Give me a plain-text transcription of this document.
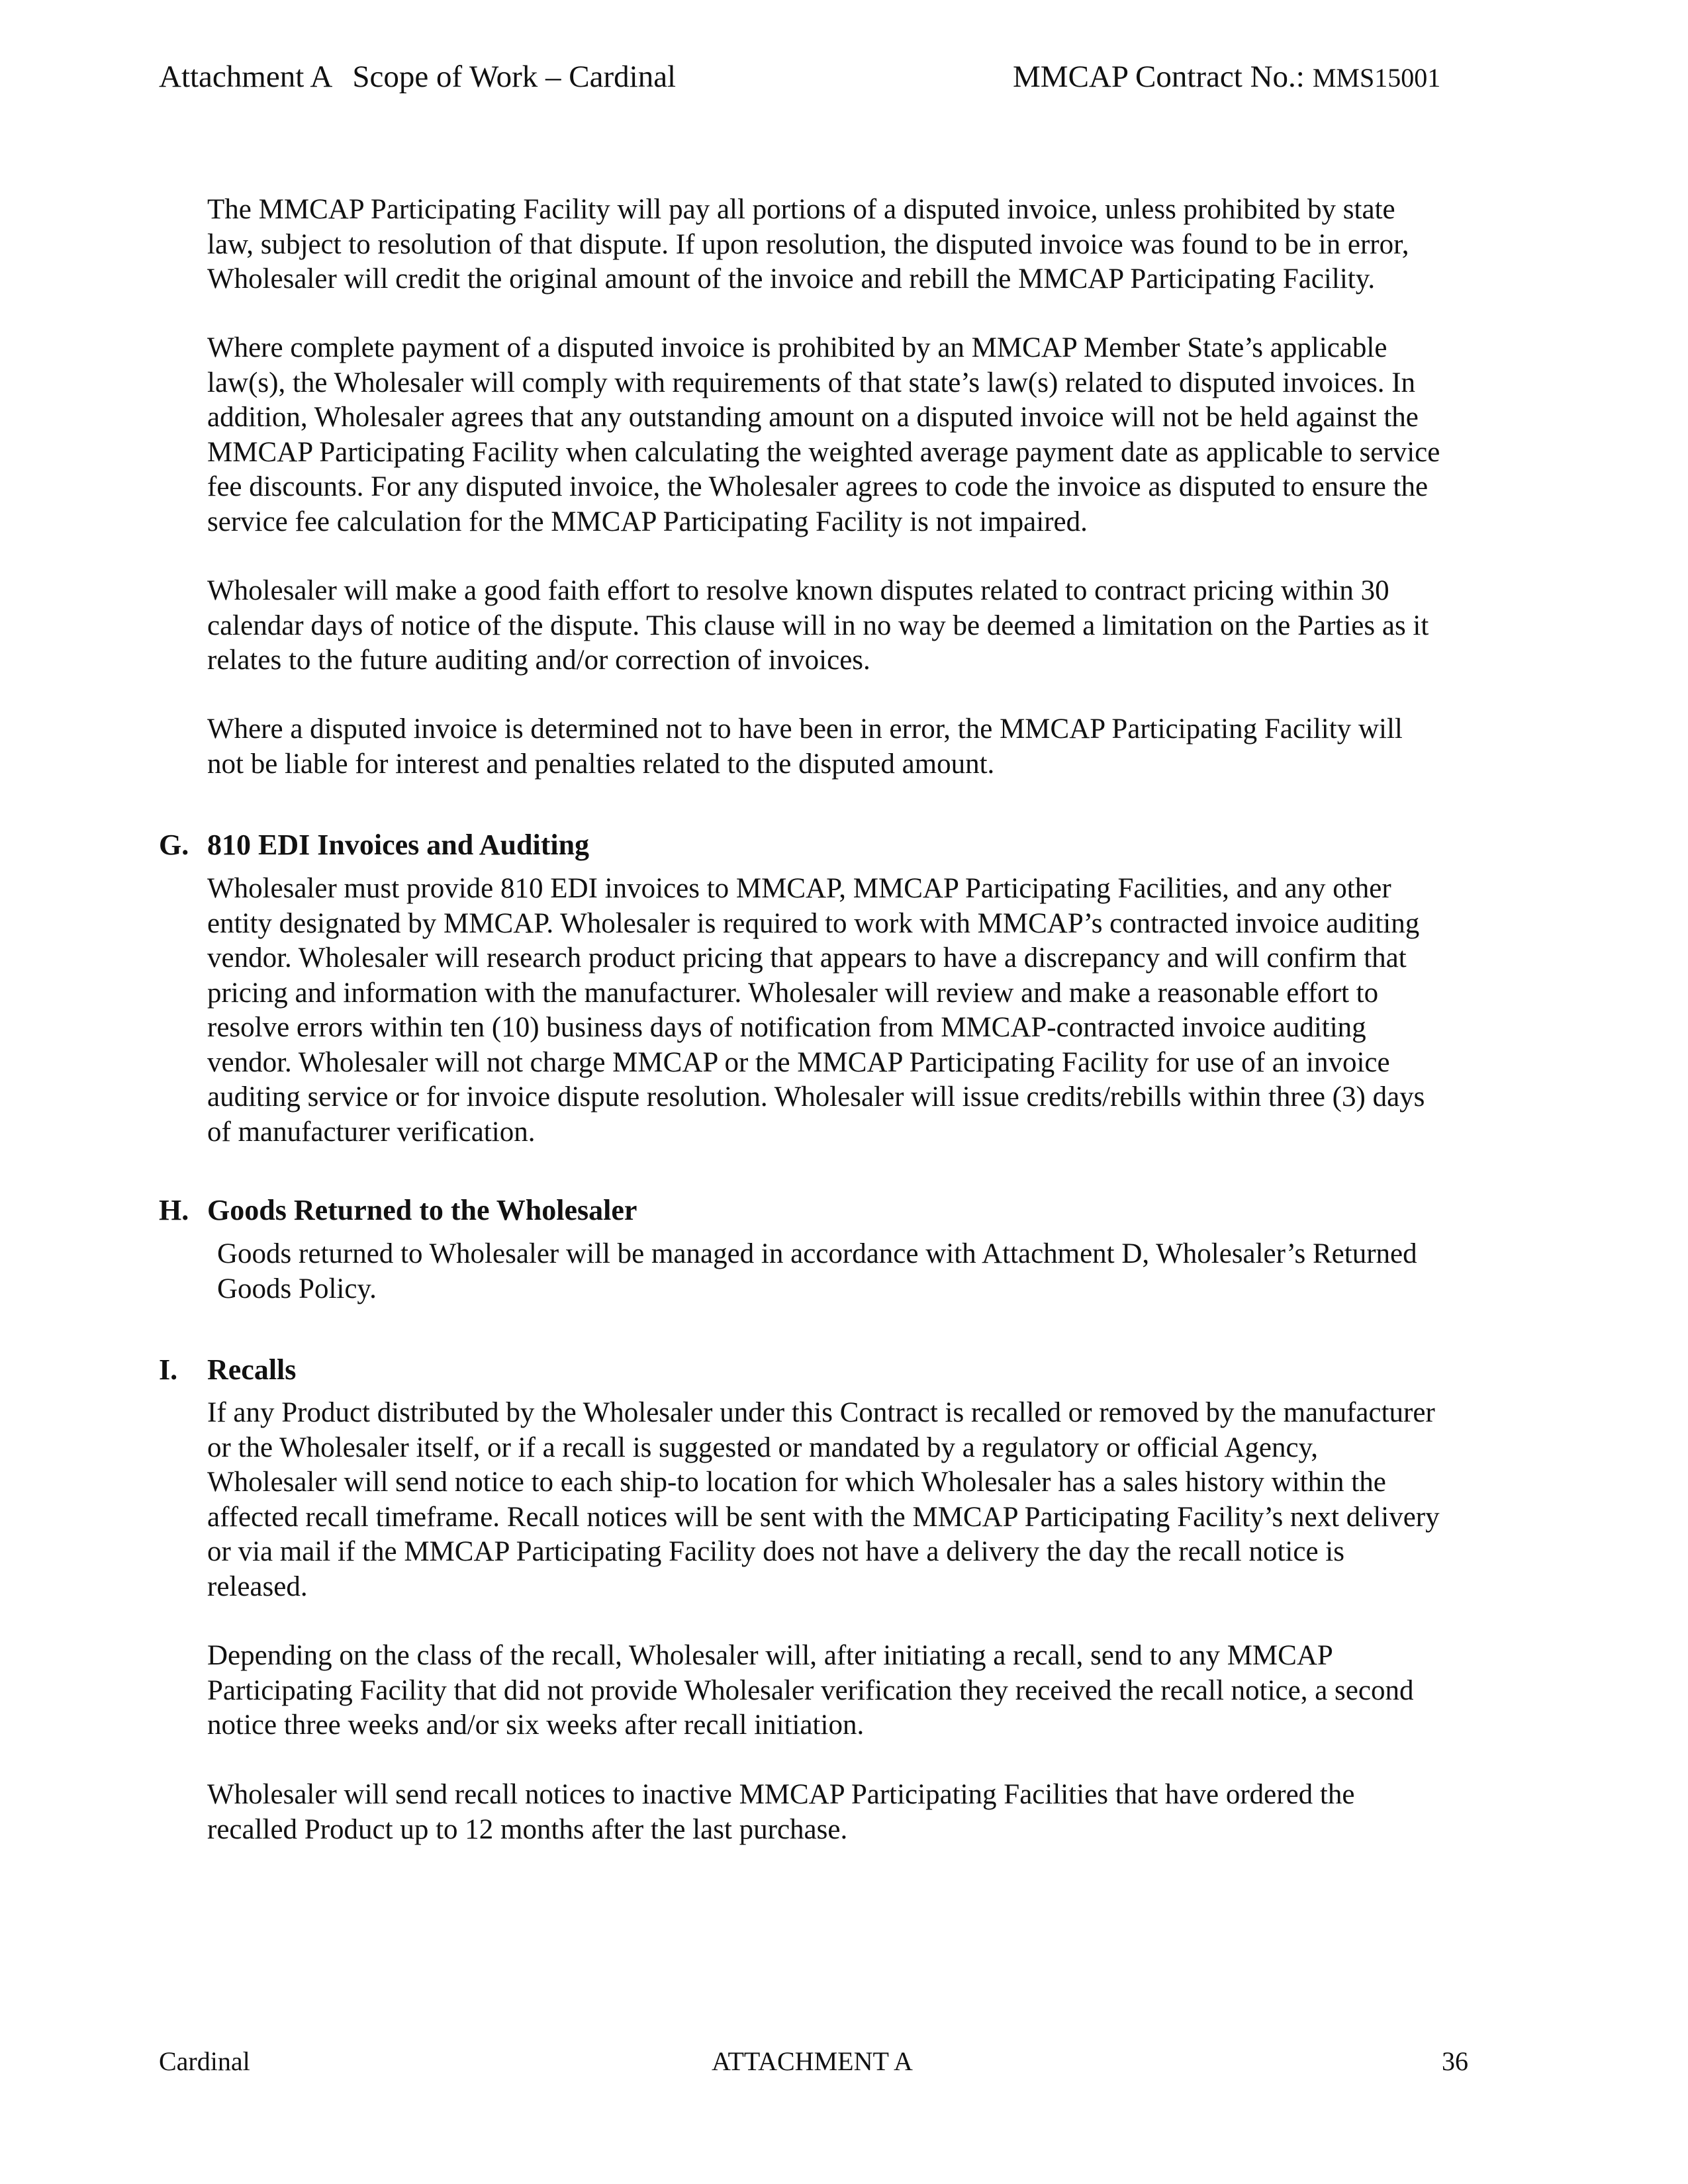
Attachment A Scope of Work – Cardinal	MMCAP Contract No.: MMS15001

The MMCAP Participating Facility will pay all portions of a disputed invoice, unless prohibited by state
law, subject to resolution of that dispute. If upon resolution, the disputed invoice was found to be in error,
Wholesaler will credit the original amount of the invoice and rebill the MMCAP Participating Facility.

Where complete payment of a disputed invoice is prohibited by an MMCAP Member State’s applicable
law(s), the Wholesaler will comply with requirements of that state’s law(s) related to disputed invoices. In
addition, Wholesaler agrees that any outstanding amount on a disputed invoice will not be held against the
MMCAP Participating Facility when calculating the weighted average payment date as applicable to service
fee discounts. For any disputed invoice, the Wholesaler agrees to code the invoice as disputed to ensure the
service fee calculation for the MMCAP Participating Facility is not impaired.

Wholesaler will make a good faith effort to resolve known disputes related to contract pricing within 30
calendar days of notice of the dispute. This clause will in no way be deemed a limitation on the Parties as it
relates to the future auditing and/or correction of invoices.

Where a disputed invoice is determined not to have been in error, the MMCAP Participating Facility will
not be liable for interest and penalties related to the disputed amount.

G. 810 EDI Invoices and Auditing

Wholesaler must provide 810 EDI invoices to MMCAP, MMCAP Participating Facilities, and any other
entity designated by MMCAP. Wholesaler is required to work with MMCAP’s contracted invoice auditing
vendor. Wholesaler will research product pricing that appears to have a discrepancy and will confirm that
pricing and information with the manufacturer. Wholesaler will review and make a reasonable effort to
resolve errors within ten (10) business days of notification from MMCAP-contracted invoice auditing
vendor. Wholesaler will not charge MMCAP or the MMCAP Participating Facility for use of an invoice
auditing service or for invoice dispute resolution. Wholesaler will issue credits/rebills within three (3) days
of manufacturer verification.

H. Goods Returned to the Wholesaler

Goods returned to Wholesaler will be managed in accordance with Attachment D, Wholesaler’s Returned
Goods Policy.

I. Recalls

If any Product distributed by the Wholesaler under this Contract is recalled or removed by the manufacturer
or the Wholesaler itself, or if a recall is suggested or mandated by a regulatory or official Agency,
Wholesaler will send notice to each ship-to location for which Wholesaler has a sales history within the
affected recall timeframe. Recall notices will be sent with the MMCAP Participating Facility’s next delivery
or via mail if the MMCAP Participating Facility does not have a delivery the day the recall notice is
released.

Depending on the class of the recall, Wholesaler will, after initiating a recall, send to any MMCAP
Participating Facility that did not provide Wholesaler verification they received the recall notice, a second
notice three weeks and/or six weeks after recall initiation.

Wholesaler will send recall notices to inactive MMCAP Participating Facilities that have ordered the
recalled Product up to 12 months after the last purchase.

Cardinal	ATTACHMENT A	36
